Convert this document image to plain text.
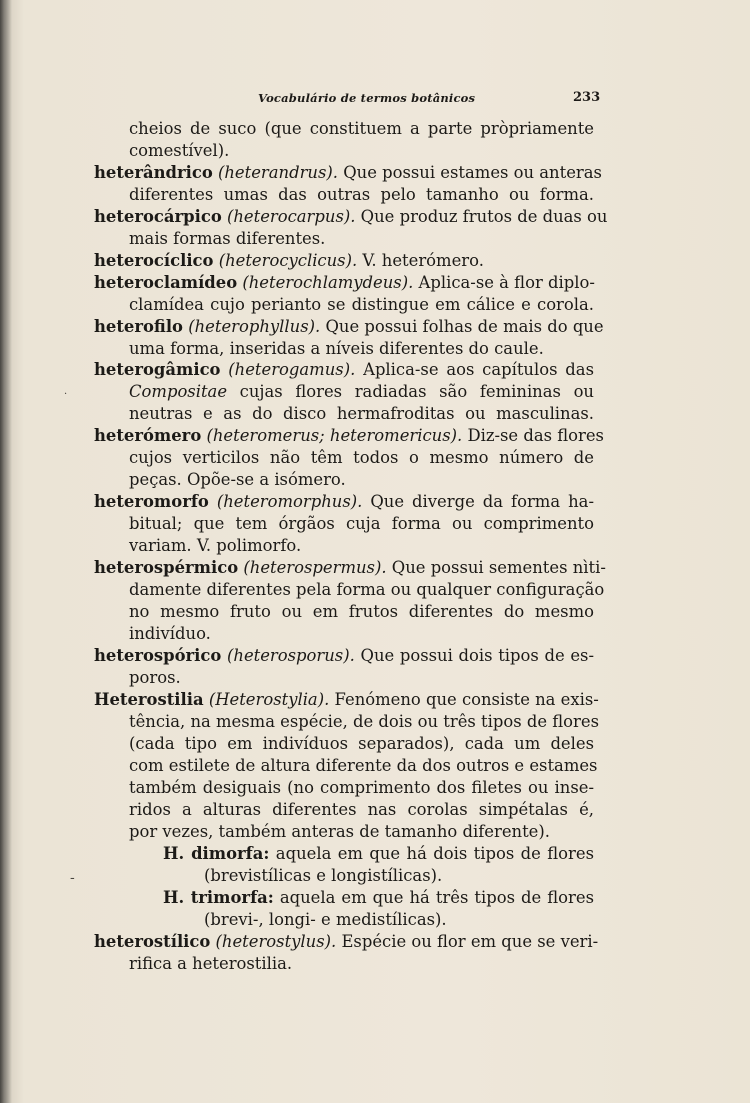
Vocabulário de termos botânicos	233
cheios de suco (que constituem a parte pròpriamente
comestível).
heterândrico (heterandrus). Que possui estames ou anteras
diferentes umas das outras pelo tamanho ou forma.
heterocárpico (heterocarpus). Que produz frutos de duas ou
mais formas diferentes.
heterocíclico (heterocyclicus). V. heterómero.
heteroclamídeo (heterochlamydeus). Aplica-se à flor diplo-
clamídea cujo perianto se distingue em cálice e corola.
heterofilo (heterophyllus). Que possui folhas de mais do que
uma forma, inseridas a níveis diferentes do caule.
heterogâmico (heterogamus). Aplica-se aos capítulos das
Compositae cujas flores radiadas são femininas ou
neutras e as do disco hermafroditas ou masculinas.
heterómero (heteromerus; heteromericus). Diz-se das flores
cujos verticilos não têm todos o mesmo número de
peças. Opõe-se a isómero.
heteromorfo (heteromorphus). Que diverge da forma ha-
bitual; que tem órgãos cuja forma ou comprimento
variam. V. polimorfo.
heterospérmico (heterospermus). Que possui sementes nìti-
damente diferentes pela forma ou qualquer configuração
no mesmo fruto ou em frutos diferentes do mesmo
indivíduo.
heterospórico (heterosporus). Que possui dois tipos de es-
poros.
Heterostilia (Heterostylia). Fenómeno que consiste na exis-
tência, na mesma espécie, de dois ou três tipos de flores
(cada tipo em indivíduos separados), cada um deles
com estilete de altura diferente da dos outros e estames
também desiguais (no comprimento dos filetes ou inse-
ridos a alturas diferentes nas corolas simpétalas é,
por vezes, também anteras de tamanho diferente).
H. dimorfa: aquela em que há dois tipos de flores
(brevistílicas e longistílicas).
H. trimorfa: aquela em que há três tipos de flores
(brevi-, longi- e medistílicas).
heterostílico (heterostylus). Espécie ou flor em que se veri-
rifica a heterostilia.
-
·
